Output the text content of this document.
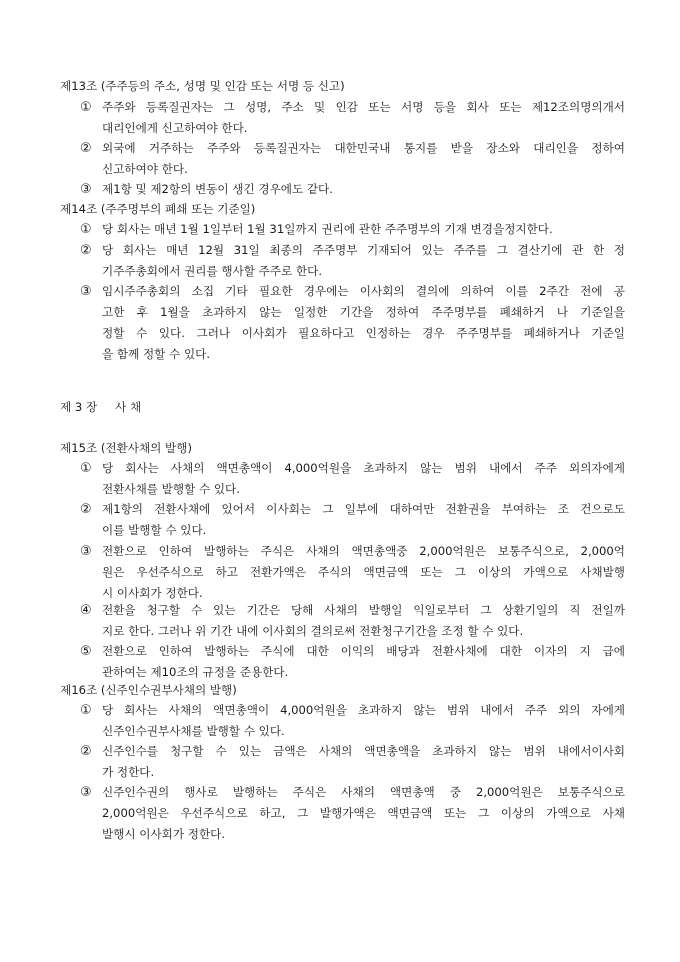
제13조 (주주등의 주소, 성명 및 인감 또는 서명 등 신고)
① 주주와 등록질권자는 그 성명, 주소 및 인감 또는 서명 등을 회사 또는 제12조의명의개서
대리인에게 신고하여야 한다.
② 외국에 거주하는 주주와 등록질권자는 대한민국내 통지를 받을 장소와 대리인을 정하여
신고하여야 한다.
③ 제1항 및 제2항의 변동이 생긴 경우에도 같다.
제14조 (주주명부의 폐쇄 또는 기준일)
① 당 회사는 매년 1월 1일부터 1월 31일까지 권리에 관한 주주명부의 기재 변경을정지한다.
② 당 회사는 매년 12월 31일 최종의 주주명부 기재되어 있는 주주를 그 결산기에 관 한 정
기주주총회에서 권리를 행사할 주주로 한다.
③ 임시주주총회의 소집 기타 필요한 경우에는 이사회의 결의에 의하여 이를 2주간 전에 공
고한 후 1월을 초과하지 않는 일정한 기간을 정하여 주주명부를 폐쇄하거 나 기준일을
정할 수 있다. 그러나 이사회가 필요하다고 인정하는 경우 주주명부를 폐쇄하거나 기준일
을 함께 정할 수 있다.
제 3 장 사 채
제15조 (전환사채의 발행)
① 당 회사는 사채의 액면총액이 4,000억원을 초과하지 않는 범위 내에서 주주 외의자에게
전환사채를 발행할 수 있다.
② 제1항의 전환사채에 있어서 이사회는 그 일부에 대하여만 전환권을 부여하는 조 건으로도
이를 발행할 수 있다.
③ 전환으로 인하여 발행하는 주식은 사채의 액면총액중 2,000억원은 보통주식으로, 2,000억
원은 우선주식으로 하고 전환가액은 주식의 액면금액 또는 그 이상의 가액으로 사채발행
시 이사회가 정한다.
④ 전환을 청구할 수 있는 기간은 당해 사채의 발행일 익일로부터 그 상환기일의 직 전일까
지로 한다. 그러나 위 기간 내에 이사회의 결의로써 전환청구기간을 조정 할 수 있다.
⑤ 전환으로 인하여 발행하는 주식에 대한 이익의 배당과 전환사채에 대한 이자의 지 급에
관하여는 제10조의 규정을 준용한다.
제16조 (신주인수권부사채의 발행)
① 당 회사는 사채의 액면총액이 4,000억원을 초과하지 않는 범위 내에서 주주 외의 자에게
신주인수권부사채를 발행할 수 있다.
② 신주인수를 청구할 수 있는 금액은 사채의 액면총액을 초과하지 않는 범위 내에서이사회
가 정한다.
③ 신주인수권의 행사로 발행하는 주식은 사채의 액면총액 중 2,000억원은 보통주식으로
2,000억원은 우선주식으로 하고, 그 발행가액은 액면금액 또는 그 이상의 가액으로 사채
발행시 이사회가 정한다.
